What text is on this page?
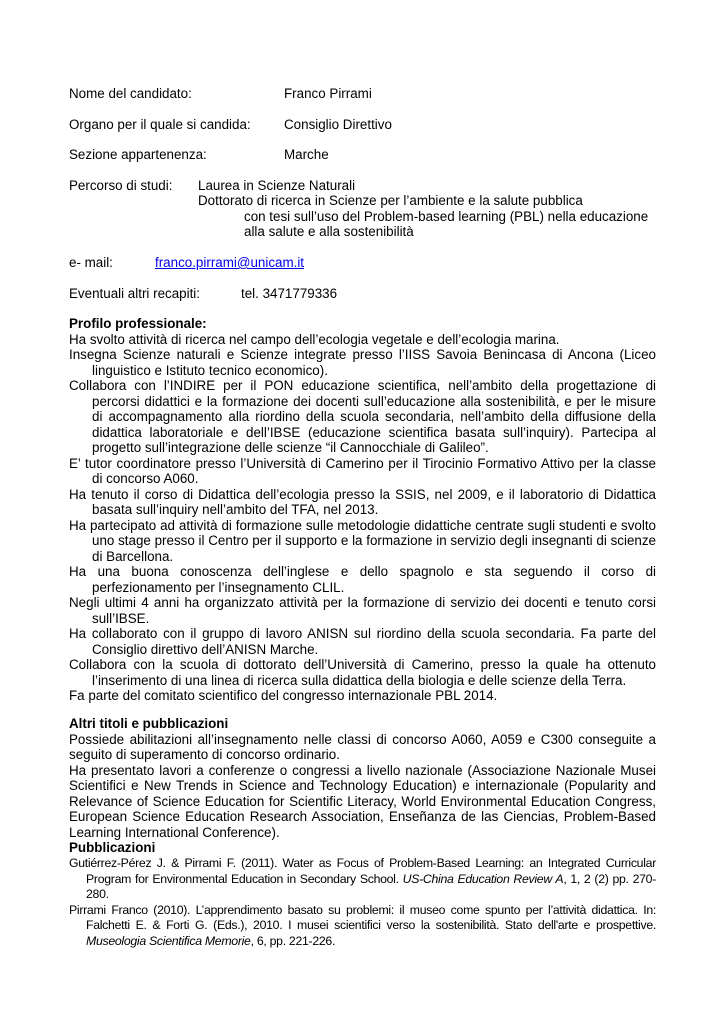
Nome del candidato:	Franco Pirrami
Organo per il quale si candida: Consiglio Direttivo
Sezione appartenenza:	Marche
Percorso di studi: Laurea in Scienze Naturali
Dottorato di ricerca in Scienze per l’ambiente e la salute pubblica
con tesi sull’uso del Problem-based learning (PBL) nella educazione
alla salute e alla sostenibilità
e- mail:	franco.pirrami@unicam.it
Eventuali altri recapiti:	tel. 3471779336

Profilo professionale:

Ha svolto attività di ricerca nel campo dell’ecologia vegetale e dell’ecologia marina.

Insegna Scienze naturali e Scienze integrate presso l’IISS Savoia Benincasa di Ancona (Liceo linguistico e Istituto tecnico economico).

Collabora con l’INDIRE per il PON educazione scientifica, nell’ambito della progettazione di percorsi didattici e la formazione dei docenti sull’educazione alla sostenibilità, e per le misure di accompagnamento alla riordino della scuola secondaria, nell’ambito della diffusione della didattica laboratoriale e dell’IBSE (educazione scientifica basata sull’inquiry). Partecipa al progetto sull’integrazione delle scienze “il Cannocchiale di Galileo”.

E’ tutor coordinatore presso l’Università di Camerino per il Tirocinio Formativo Attivo per la classe di concorso A060.

Ha tenuto il corso di Didattica dell’ecologia presso la SSIS, nel 2009, e il laboratorio di Didattica basata sull’inquiry nell’ambito del TFA, nel 2013.

Ha partecipato ad attività di formazione sulle metodologie didattiche centrate sugli studenti e svolto uno stage presso il Centro per il supporto e la formazione in servizio degli insegnanti di scienze di Barcellona.

Ha una buona conoscenza dell’inglese e dello spagnolo e sta seguendo il corso di perfezionamento per l’insegnamento CLIL.

Negli ultimi 4 anni ha organizzato attività per la formazione di servizio dei docenti e tenuto corsi sull’IBSE.

Ha collaborato con il gruppo di lavoro ANISN sul riordino della scuola secondaria. Fa parte del Consiglio direttivo dell’ANISN Marche.

Collabora con la scuola di dottorato dell’Università di Camerino, presso la quale ha ottenuto l’inserimento di una linea di ricerca sulla didattica della biologia e delle scienze della Terra.

Fa parte del comitato scientifico del congresso internazionale PBL 2014.

Altri titoli e pubblicazioni

Possiede abilitazioni all’insegnamento nelle classi di concorso A060, A059 e C300 conseguite a seguito di superamento di concorso ordinario.

Ha presentato lavori a conferenze o congressi a livello nazionale (Associazione Nazionale Musei Scientifici e New Trends in Science and Technology Education) e internazionale (Popularity and Relevance of Science Education for Scientific Literacy, World Environmental Education Congress, European Science Education Research Association, Enseñanza de las Ciencias, Problem-Based Learning International Conference).

Pubblicazioni

Gutiérrez-Pérez J. & Pirrami F. (2011). Water as Focus of Problem-Based Learning: an Integrated Curricular Program for Environmental Education in Secondary School. US-China Education Review A, 1, 2 (2) pp. 270-280.

Pirrami Franco (2010). L’apprendimento basato su problemi: il museo come spunto per l’attività didattica. In: Falchetti E. & Forti G. (Eds.), 2010. I musei scientifici verso la sostenibilità. Stato dell'arte e prospettive. Museologia Scientifica Memorie, 6, pp. 221-226.
